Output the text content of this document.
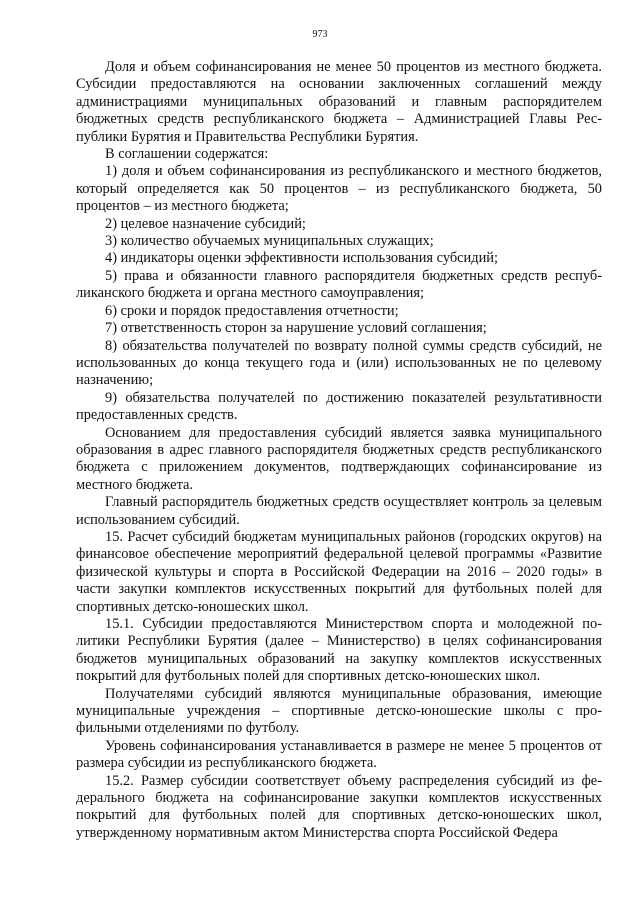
973

Доля и объем софинансирования не менее 50 процентов из местного бюджета. Субсидии предоставляются на основании заключенных соглашений между администрациями муниципальных образований и главным распорядителем бюджетных средств республиканского бюджета – Администрацией Главы Республики Бурятия и Правительства Республики Бурятия.

В соглашении содержатся:

1) доля и объем софинансирования из республиканского и местного бюджетов, который определяется как 50 процентов – из республиканского бюджета, 50 процентов – из местного бюджета;

2) целевое назначение субсидий;

3) количество обучаемых муниципальных служащих;

4) индикаторы оценки эффективности использования субсидий;

5) права и обязанности главного распорядителя бюджетных средств республиканского бюджета и органа местного самоуправления;

6) сроки и порядок предоставления отчетности;

7) ответственность сторон за нарушение условий соглашения;

8) обязательства получателей по возврату полной суммы средств субсидий, не использованных до конца текущего года и (или) использованных не по целевому назначению;

9) обязательства получателей по достижению показателей результативности предоставленных средств.

Основанием для предоставления субсидий является заявка муниципального образования в адрес главного распорядителя бюджетных средств республиканского бюджета с приложением документов, подтверждающих софинансирование из местного бюджета.

Главный распорядитель бюджетных средств осуществляет контроль за целевым использованием субсидий.

15. Расчет субсидий бюджетам муниципальных районов (городских округов) на финансовое обеспечение мероприятий федеральной целевой программы «Развитие физической культуры и спорта в Российской Федерации на 2016 – 2020 годы» в части закупки комплектов искусственных покрытий для футбольных полей для спортивных детско-юношеских школ.

15.1. Субсидии предоставляются Министерством спорта и молодежной политики Республики Бурятия (далее – Министерство) в целях софинансирования бюджетов муниципальных образований на закупку комплектов искусственных покрытий для футбольных полей для спортивных детско-юношеских школ.

Получателями субсидий являются муниципальные образования, имеющие муниципальные учреждения – спортивные детско-юношеские школы с профильными отделениями по футболу.

Уровень софинансирования устанавливается в размере не менее 5 процентов от размера субсидии из республиканского бюджета.

15.2. Размер субсидии соответствует объему распределения субсидий из федерального бюджета на софинансирование закупки комплектов искусственных покрытий для футбольных полей для спортивных детско-юношеских школ, утвержденному нормативным актом Министерства спорта Российской Федера
